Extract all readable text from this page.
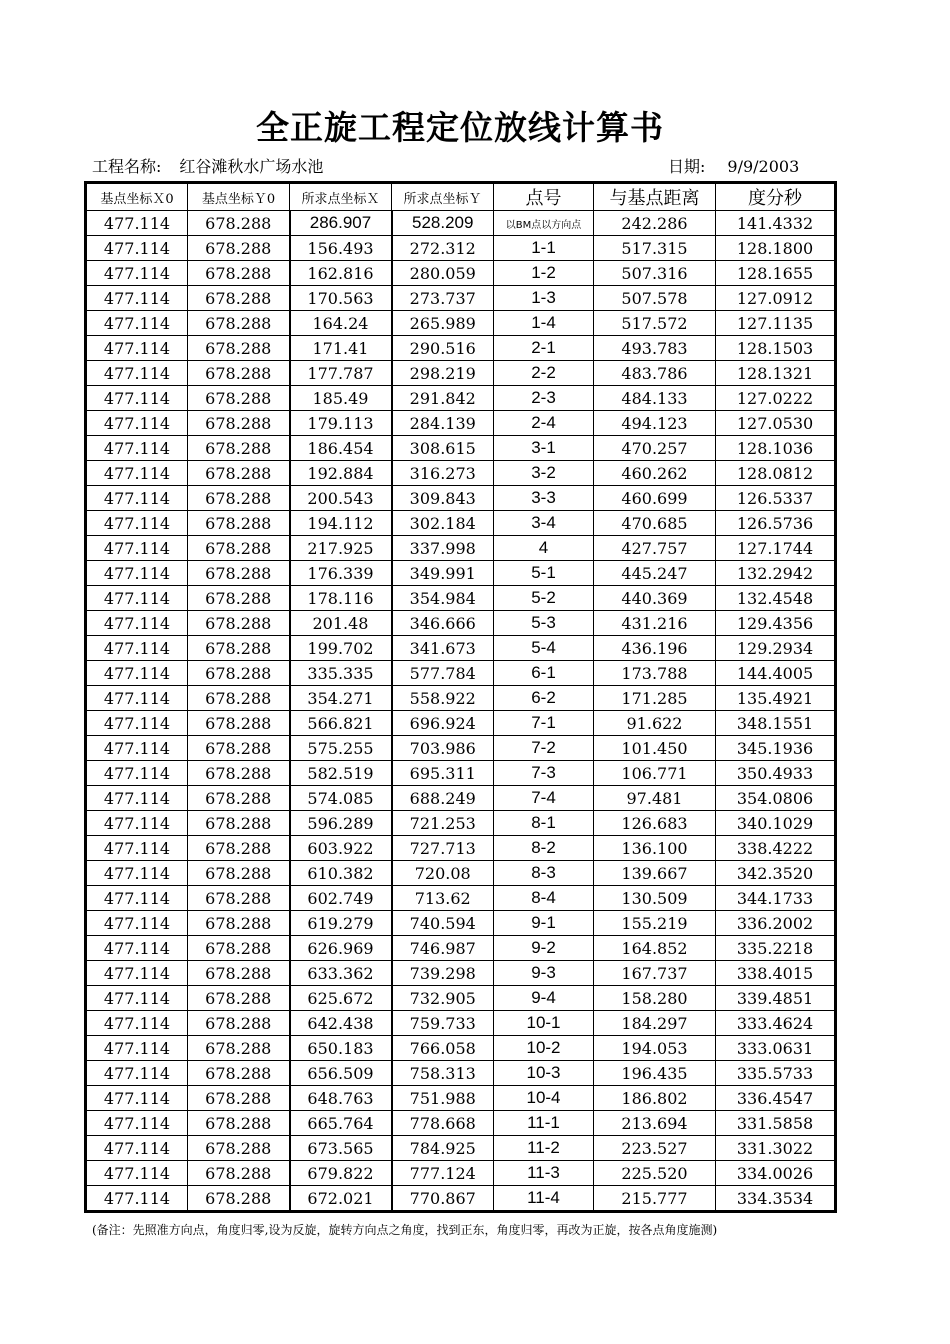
全正旋工程定位放线计算书
工程名称: 红谷滩秋水广场水池	日期: 9/9/2003
基点坐标Ｘ0	基点坐标Ｙ0	所求点坐标Ｘ	所求点坐标Ｙ	点号	与基点距离	度分秒
477.114	678.288	286.907	528.209	以BM点以方向点	242.286	141.4332
477.114	678.288	156.493	272.312	1-1	517.315	128.1800
477.114	678.288	162.816	280.059	1-2	507.316	128.1655
477.114	678.288	170.563	273.737	1-3	507.578	127.0912
477.114	678.288	164.24	265.989	1-4	517.572	127.1135
477.114	678.288	171.41	290.516	2-1	493.783	128.1503
477.114	678.288	177.787	298.219	2-2	483.786	128.1321
477.114	678.288	185.49	291.842	2-3	484.133	127.0222
477.114	678.288	179.113	284.139	2-4	494.123	127.0530
477.114	678.288	186.454	308.615	3-1	470.257	128.1036
477.114	678.288	192.884	316.273	3-2	460.262	128.0812
477.114	678.288	200.543	309.843	3-3	460.699	126.5337
477.114	678.288	194.112	302.184	3-4	470.685	126.5736
477.114	678.288	217.925	337.998	4	427.757	127.1744
477.114	678.288	176.339	349.991	5-1	445.247	132.2942
477.114	678.288	178.116	354.984	5-2	440.369	132.4548
477.114	678.288	201.48	346.666	5-3	431.216	129.4356
477.114	678.288	199.702	341.673	5-4	436.196	129.2934
477.114	678.288	335.335	577.784	6-1	173.788	144.4005
477.114	678.288	354.271	558.922	6-2	171.285	135.4921
477.114	678.288	566.821	696.924	7-1	91.622	348.1551
477.114	678.288	575.255	703.986	7-2	101.450	345.1936
477.114	678.288	582.519	695.311	7-3	106.771	350.4933
477.114	678.288	574.085	688.249	7-4	97.481	354.0806
477.114	678.288	596.289	721.253	8-1	126.683	340.1029
477.114	678.288	603.922	727.713	8-2	136.100	338.4222
477.114	678.288	610.382	720.08	8-3	139.667	342.3520
477.114	678.288	602.749	713.62	8-4	130.509	344.1733
477.114	678.288	619.279	740.594	9-1	155.219	336.2002
477.114	678.288	626.969	746.987	9-2	164.852	335.2218
477.114	678.288	633.362	739.298	9-3	167.737	338.4015
477.114	678.288	625.672	732.905	9-4	158.280	339.4851
477.114	678.288	642.438	759.733	10-1	184.297	333.4624
477.114	678.288	650.183	766.058	10-2	194.053	333.0631
477.114	678.288	656.509	758.313	10-3	196.435	335.5733
477.114	678.288	648.763	751.988	10-4	186.802	336.4547
477.114	678.288	665.764	778.668	11-1	213.694	331.5858
477.114	678.288	673.565	784.925	11-2	223.527	331.3022
477.114	678.288	679.822	777.124	11-3	225.520	334.0026
477.114	678.288	672.021	770.867	11-4	215.777	334.3534
(备注：先照准方向点，角度归零,设为反旋，旋转方向点之角度，找到正东，角度归零，再改为正旋，按各点角度施测)
